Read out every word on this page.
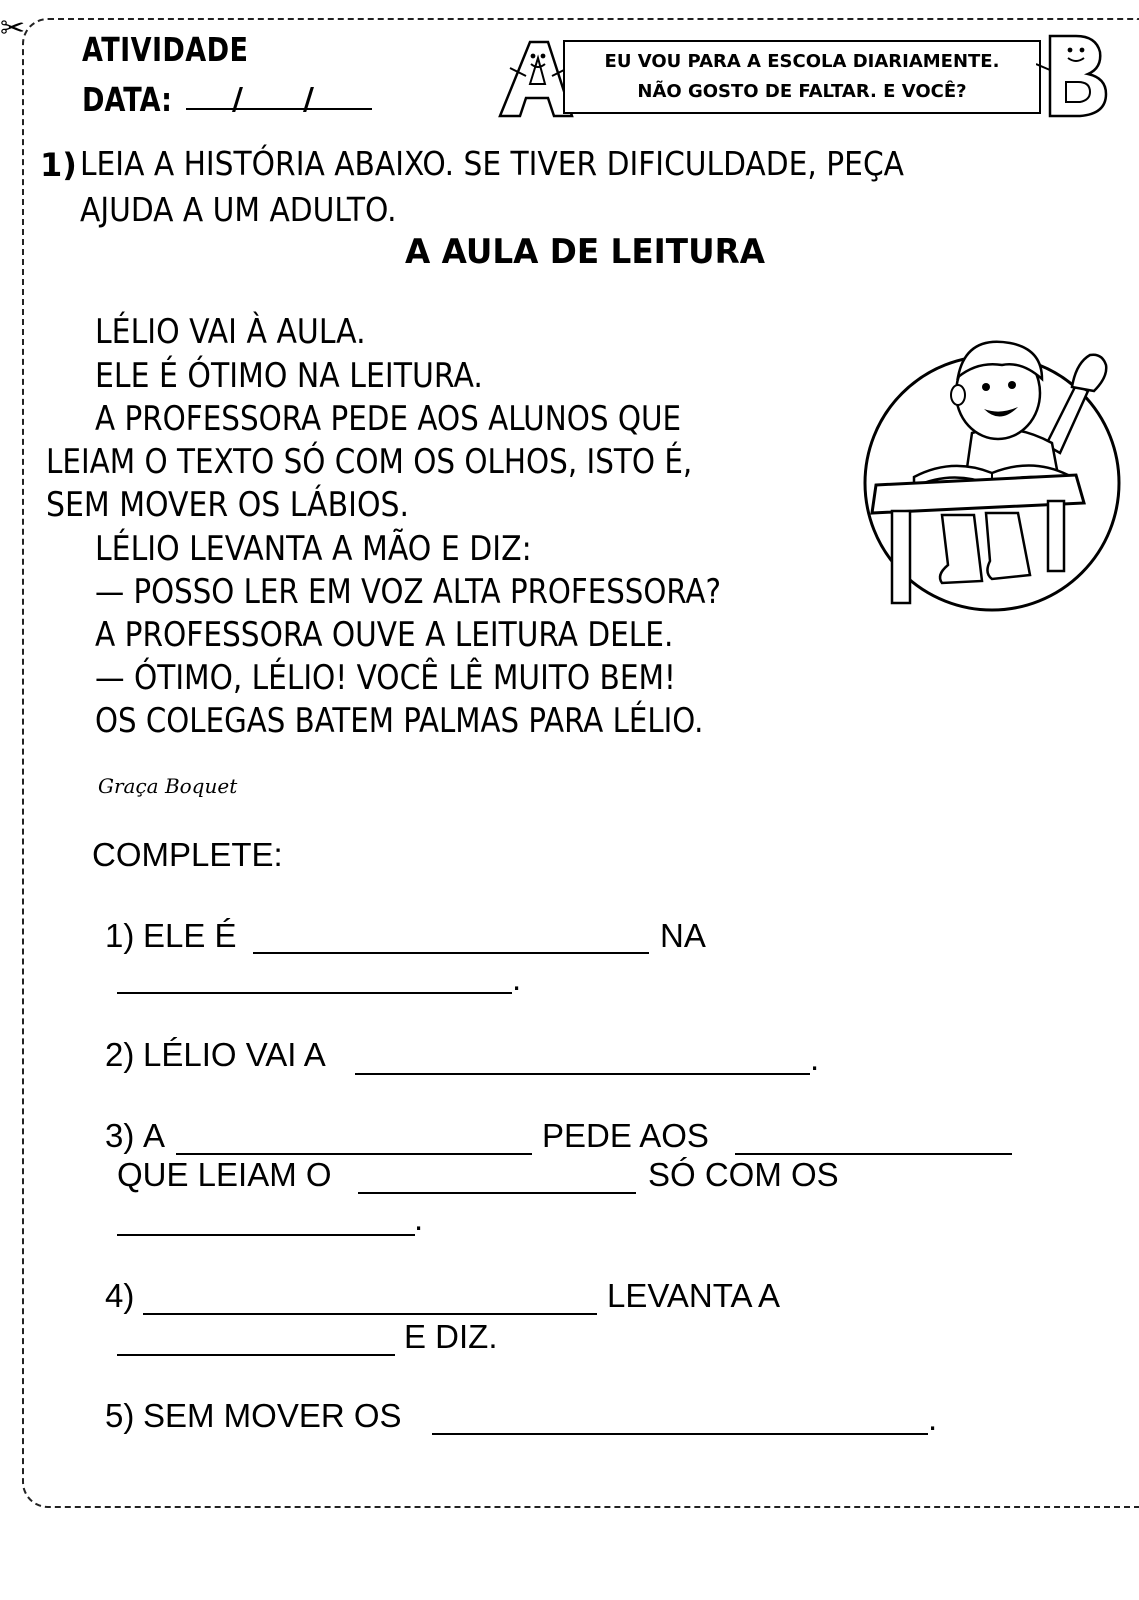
✂
ATIVIDADE
DATA: / /
EU VOU PARA A ESCOLA DIARIAMENTE.
NÃO GOSTO DE FALTAR. E VOCÊ?
1) LEIA A HISTÓRIA ABAIXO. SE TIVER DIFICULDADE, PEÇA
AJUDA A UM ADULTO.
A AULA DE LEITURA
LÉLIO VAI À AULA.
ELE É ÓTIMO NA LEITURA.
A PROFESSORA PEDE AOS ALUNOS QUE
LEIAM O TEXTO SÓ COM OS OLHOS, ISTO É,
SEM MOVER OS LÁBIOS.
LÉLIO LEVANTA A MÃO E DIZ:
— POSSO LER EM VOZ ALTA PROFESSORA?
A PROFESSORA OUVE A LEITURA DELE.
— ÓTIMO, LÉLIO! VOCÊ LÊ MUITO BEM!
OS COLEGAS BATEM PALMAS PARA LÉLIO.
Graça Boquet
COMPLETE:
1) ELE É	NA
.
2) LÉLIO VAI A	.
3) A	PEDE AOS
QUE LEIAM O	SÓ COM OS
.
4)	LEVANTA A
E DIZ.
5) SEM MOVER OS	.
